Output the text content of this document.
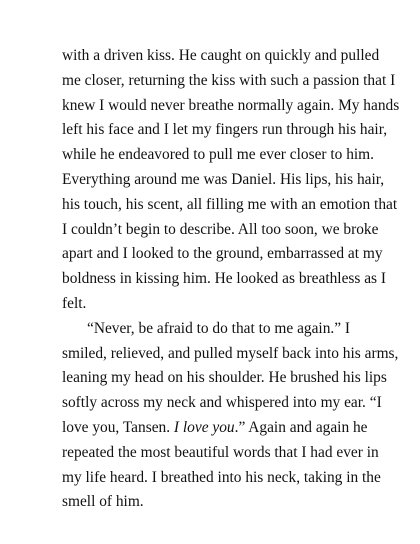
with a driven kiss. He caught on quickly and pulled
me closer, returning the kiss with such a passion that I
knew I would never breathe normally again. My hands
left his face and I let my fingers run through his hair,
while he endeavored to pull me ever closer to him.
Everything around me was Daniel. His lips, his hair,
his touch, his scent, all filling me with an emotion that
I couldn’t begin to describe. All too soon, we broke
apart and I looked to the ground, embarrassed at my
boldness in kissing him. He looked as breathless as I
felt.

“Never, be afraid to do that to me again.” I
smiled, relieved, and pulled myself back into his arms,
leaning my head on his shoulder. He brushed his lips
softly across my neck and whispered into my ear. “I
love you, Tansen. I love you.” Again and again he
repeated the most beautiful words that I had ever in
my life heard. I breathed into his neck, taking in the
smell of him.
